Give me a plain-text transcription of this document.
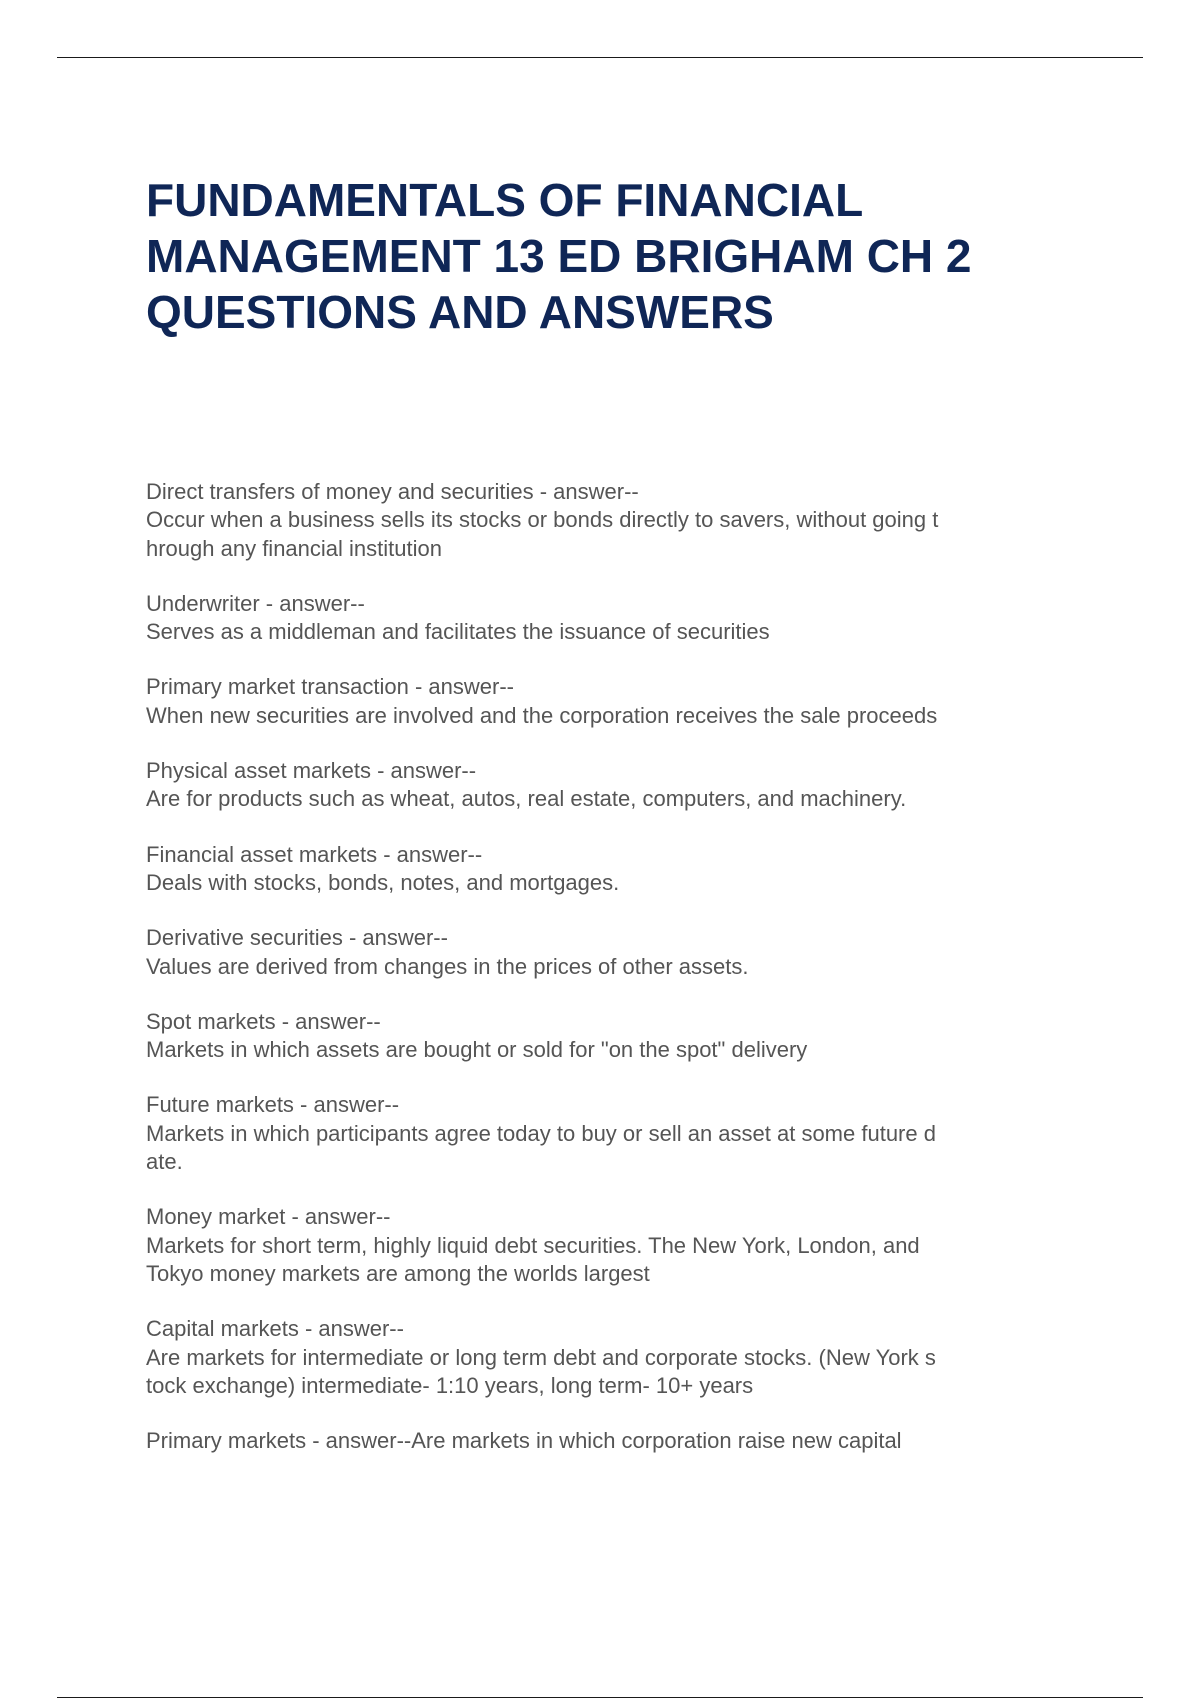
FUNDAMENTALS OF FINANCIAL
MANAGEMENT 13 ED BRIGHAM CH 2
QUESTIONS AND ANSWERS
Direct transfers of money and securities - answer--
Occur when a business sells its stocks or bonds directly to savers, without going t
hrough any financial institution
Underwriter - answer--
Serves as a middleman and facilitates the issuance of securities
Primary market transaction - answer--
When new securities are involved and the corporation receives the sale proceeds
Physical asset markets - answer--
Are for products such as wheat, autos, real estate, computers, and machinery.
Financial asset markets - answer--
Deals with stocks, bonds, notes, and mortgages.
Derivative securities - answer--
Values are derived from changes in the prices of other assets.
Spot markets - answer--
Markets in which assets are bought or sold for "on the spot" delivery
Future markets - answer--
Markets in which participants agree today to buy or sell an asset at some future d
ate.
Money market - answer--
Markets for short term, highly liquid debt securities. The New York, London, and
Tokyo money markets are among the worlds largest
Capital markets - answer--
Are markets for intermediate or long term debt and corporate stocks. (New York s
tock exchange) intermediate- 1:10 years, long term- 10+ years
Primary markets - answer--Are markets in which corporation raise new capital
